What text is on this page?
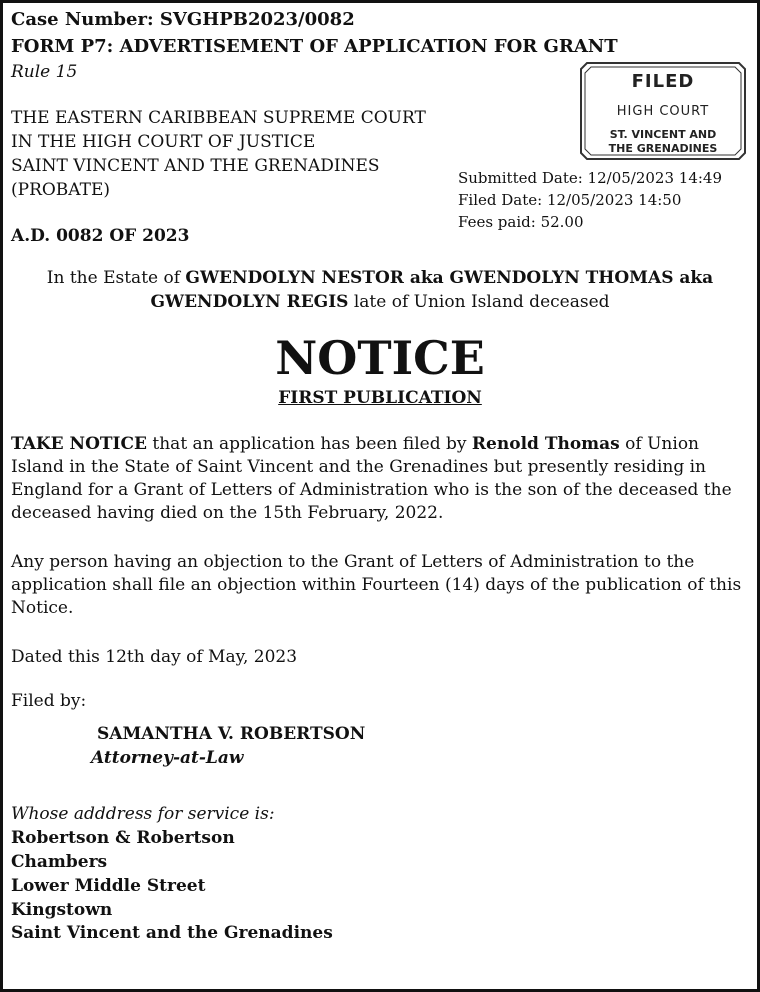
Case Number: SVGHPB2023/0082
FORM P7: ADVERTISEMENT OF APPLICATION FOR GRANT
Rule 15
THE EASTERN CARIBBEAN SUPREME COURT
IN THE HIGH COURT OF JUSTICE
SAINT VINCENT AND THE GRENADINES
(PROBATE)
A.D. 0082 OF 2023
FILED
HIGH COURT
ST. VINCENT AND
THE GRENADINES
Submitted Date: 12/05/2023 14:49
Filed Date: 12/05/2023 14:50
Fees paid: 52.00
In the Estate of GWENDOLYN NESTOR aka GWENDOLYN THOMAS aka
GWENDOLYN REGIS late of Union Island deceased
NOTICE
FIRST PUBLICATION
TAKE NOTICE that an application has been filed by Renold Thomas of Union Island in the State of Saint Vincent and the Grenadines but presently residing in England for a Grant of Letters of Administration who is the son of the deceased the deceased having died on the 15th February, 2022.
Any person having an objection to the Grant of Letters of Administration to the application shall file an objection within Fourteen (14) days of the publication of this Notice.
Dated this 12th day of May, 2023
Filed by:
SAMANTHA V. ROBERTSON
Attorney-at-Law
Whose adddress for service is:
Robertson & Robertson
Chambers
Lower Middle Street
Kingstown
Saint Vincent and the Grenadines
